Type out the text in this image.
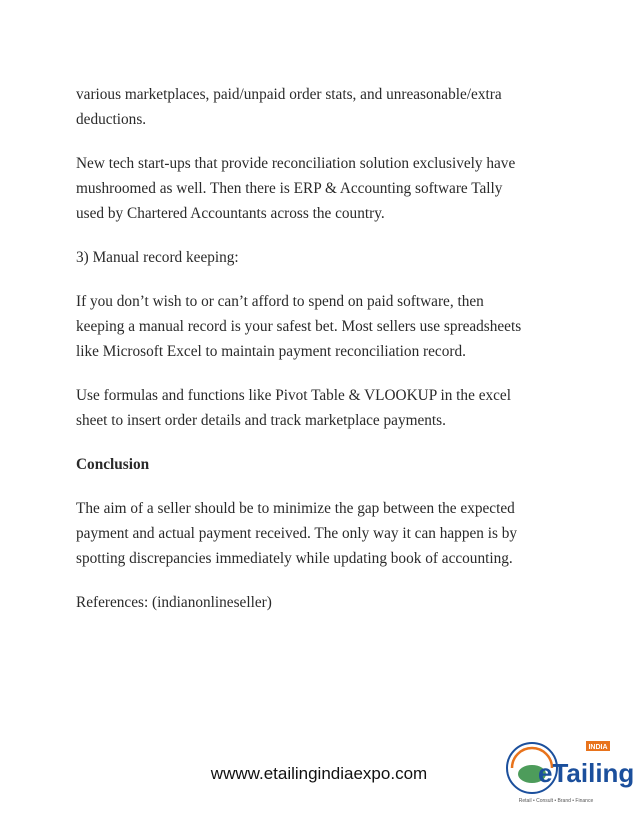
various marketplaces, paid/unpaid order stats, and unreasonable/extra
deductions.
New tech start-ups that provide reconciliation solution exclusively have
mushroomed as well. Then there is ERP & Accounting software Tally
used by Chartered Accountants across the country.
3) Manual record keeping:
If you don’t wish to or can’t afford to spend on paid software, then
keeping a manual record is your safest bet. Most sellers use spreadsheets
like Microsoft Excel to maintain payment reconciliation record.
Use formulas and functions like Pivot Table & VLOOKUP in the excel
sheet to insert order details and track marketplace payments.
Conclusion
The aim of a seller should be to minimize the gap between the expected
payment and actual payment received. The only way it can happen is by
spotting discrepancies immediately while updating book of accounting.
References: (indianonlineseller)
wwww.etailingindiaexpo.com
INDIA
eTailing
Retail • Consult • Brand • Finance
